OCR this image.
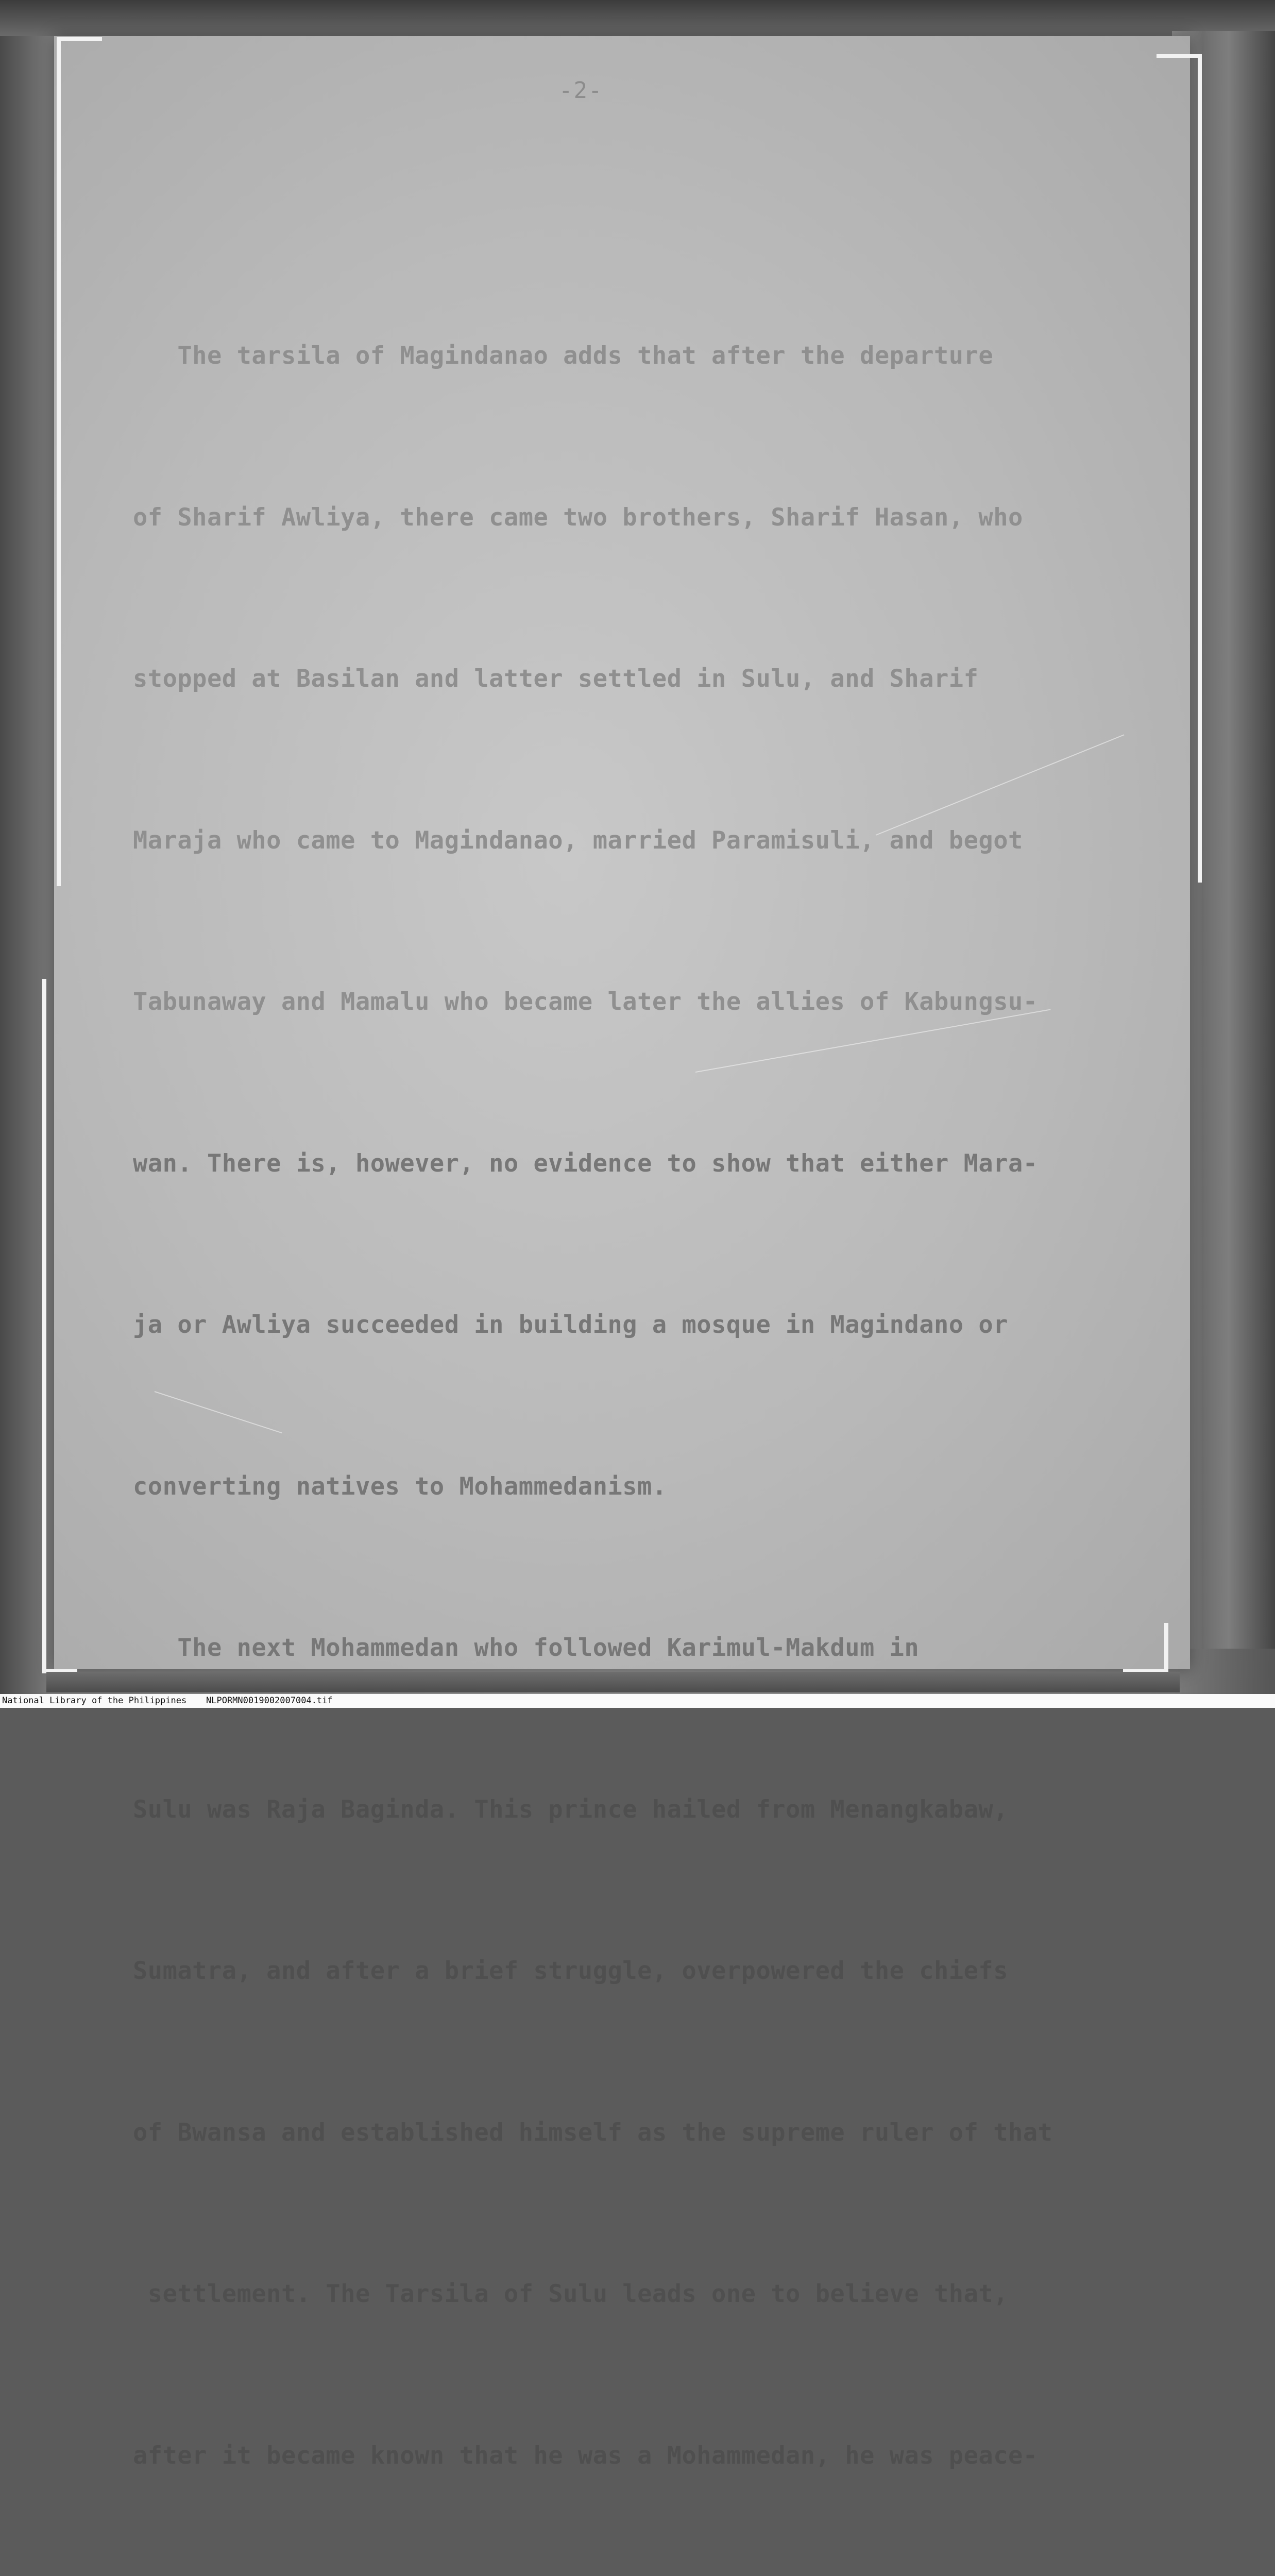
-2-

The tarsila of Magindanao adds that after the departure

of Sharif Awliya, there came two brothers, Sharif Hasan, who

stopped at Basilan and latter settled in Sulu, and Sharif

Maraja who came to Magindanao, married Paramisuli, and begot

Tabunaway and Mamalu who became later the allies of Kabungsu-

wan. There is, however, no evidence to show that either Mara-

ja or Awliya succeeded in building a mosque in Magindano or

converting natives to Mohammedanism.

The next Mohammedan who followed Karimul-Makdum in

Sulu was Raja Baginda. This prince hailed from Menangkabaw,

Sumatra, and after a brief struggle, overpowered the chiefs

of Bwansa and established himself as the supreme ruler of that

settlement. The Tarsila of Sulu leads one to believe that,

after it became known that he was a Mohammedan, he was peace-

National Library of the Philippines NLPORMN0019002007004.tif
